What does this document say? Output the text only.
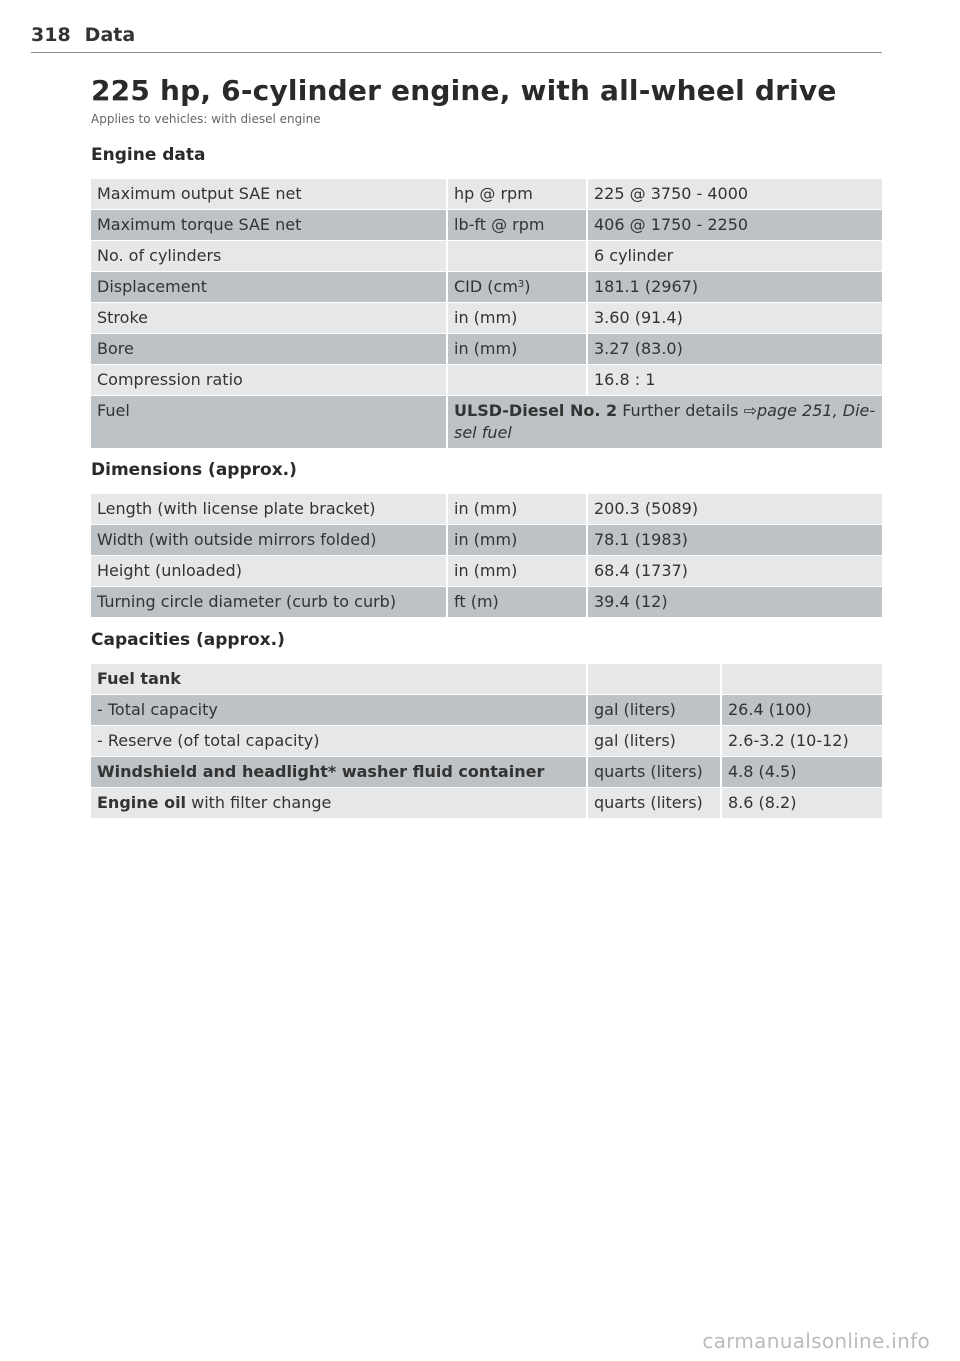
318 Data
225 hp, 6-cylinder engine, with all-wheel drive
Applies to vehicles: with diesel engine
Engine data
Maximum output SAE net	hp @ rpm	225 @ 3750 - 4000
Maximum torque SAE net	lb-ft @ rpm	406 @ 1750 - 2250
No. of cylinders		6 cylinder
Displacement	CID $(cm^3)$	181.1 (2967)
Stroke	in (mm)	3.60 (91.4)
Bore	in (mm)	3.27 (83.0)
Compression ratio		16.8 : 1
Fuel	ULSD-Diesel No. 2 Further details ⇨page 251, Die-
sel fuel	
Dimensions (approx.)
Length (with license plate bracket)	in (mm)	200.3 (5089)
Width (with outside mirrors folded)	in (mm)	78.1 (1983)
Height (unloaded)	in (mm)	68.4 (1737)
Turning circle diameter (curb to curb)	ft (m)	39.4 (12)
Capacities (approx.)
Fuel tank		
- Total capacity	gal (liters)	26.4 (100)
- Reserve (of total capacity)	gal (liters)	2.6-3.2 (10-12)
Windshield and headlight* washer fluid container	quarts (liters)	4.8 (4.5)
Engine oil with filter change	quarts (liters)	8.6 (8.2)
carmanualsonline.info
